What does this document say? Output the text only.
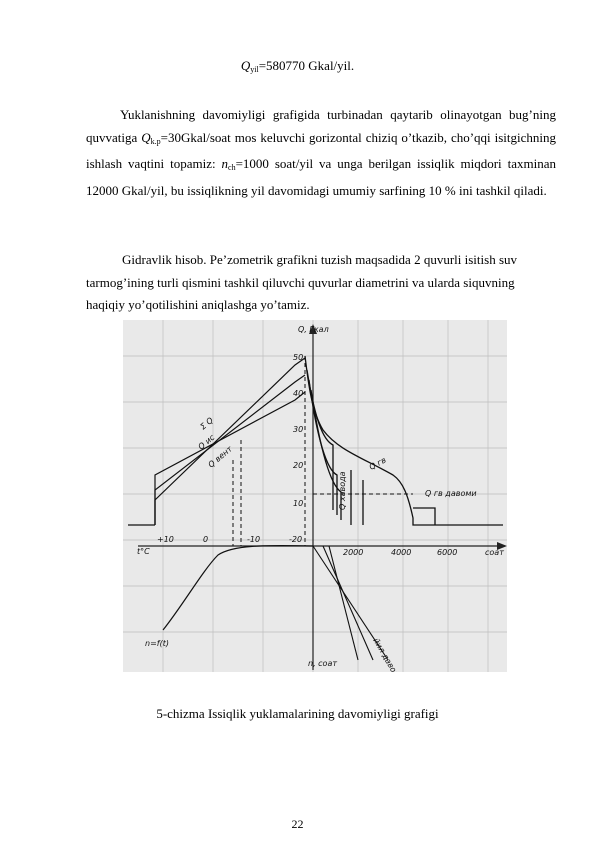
$Q_{yil}=580770$ Gkal/yil.
Yuklanishning davomiyligi grafigida turbinadan qaytarib olinayotgan bug’ning quvvatiga $Q_{k.p}=30Gkal$/soat mos keluvchi gorizontal chiziq o’tkazib, cho’qqi isitgichning ishlash vaqtini topamiz: $n_{ch}=1000$ soat/yil va unga berilgan issiqlik miqdori taxminan 12000 Gkal/yil, bu issiqlikning yil davomidagi umumiy sarfining 10 % ini tashkil qiladi.
Gidravlik hisob. Pe’zometrik grafikni tuzish maqsadida 2 quvurli isitish suv tarmog’ining turli qismini tashkil qiluvchi quvurlar diametrini va ularda siquvning haqiqiy yo’qotilishini aniqlashga yo’tamiz.
Q, Гкал
50
40
30
20
10
2000	4000	6000	соат
+10	0	-10	-20
t°C
n, соат
n=f(t)
Σ Q
Q ис
Q вент	Q гв
Q хавода
йил давоми
Q гв давоми
5-chizma Issiqlik yuklamalarining davomiyligi grafigi
22
